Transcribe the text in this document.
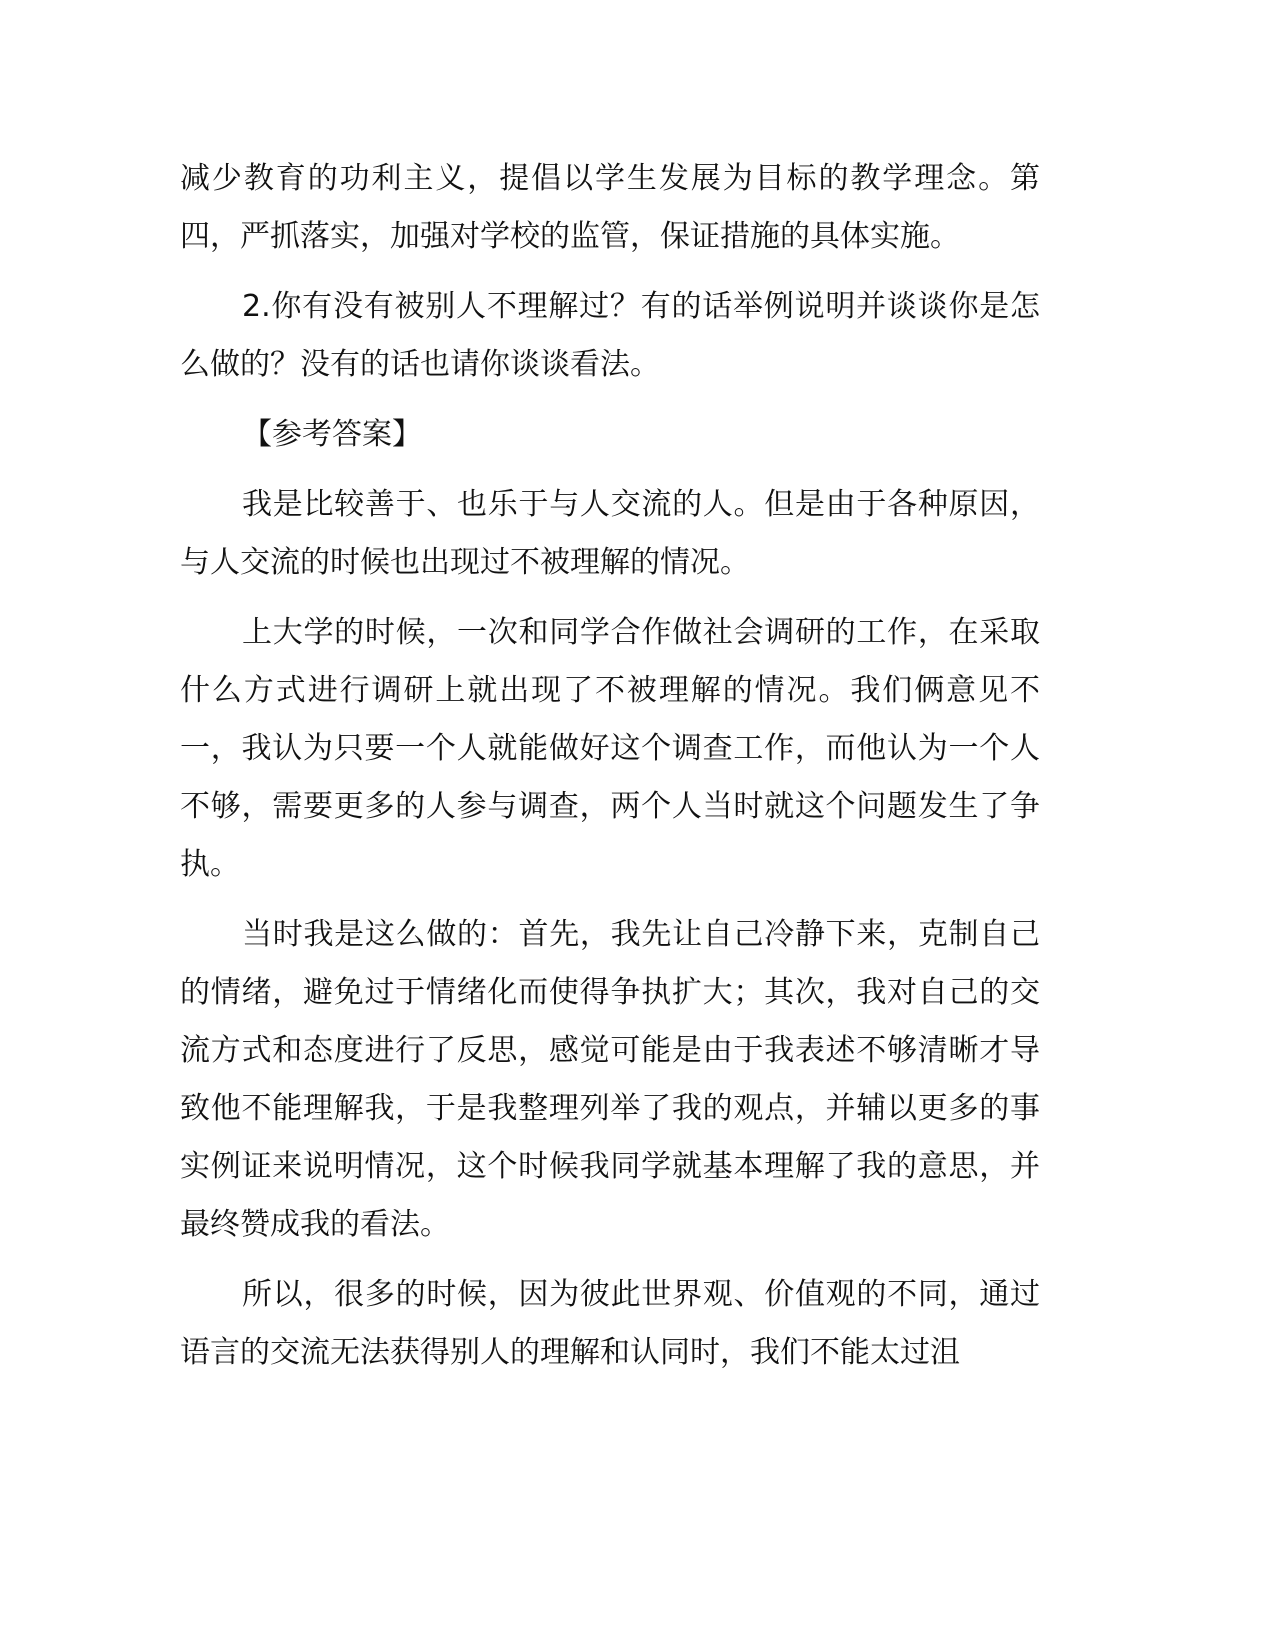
减少教育的功利主义，提倡以学生发展为目标的教学理念。第四，严抓落实，加强对学校的监管，保证措施的具体实施。

2.你有没有被别人不理解过？有的话举例说明并谈谈你是怎么做的？没有的话也请你谈谈看法。

【参考答案】

我是比较善于、也乐于与人交流的人。但是由于各种原因，与人交流的时候也出现过不被理解的情况。

上大学的时候，一次和同学合作做社会调研的工作，在采取什么方式进行调研上就出现了不被理解的情况。我们俩意见不一，我认为只要一个人就能做好这个调查工作，而他认为一个人不够，需要更多的人参与调查，两个人当时就这个问题发生了争执。

当时我是这么做的：首先，我先让自己冷静下来，克制自己的情绪，避免过于情绪化而使得争执扩大；其次，我对自己的交流方式和态度进行了反思，感觉可能是由于我表述不够清晰才导致他不能理解我，于是我整理列举了我的观点，并辅以更多的事实例证来说明情况，这个时候我同学就基本理解了我的意思，并最终赞成我的看法。

所以，很多的时候，因为彼此世界观、价值观的不同，通过语言的交流无法获得别人的理解和认同时，我们不能太过沮
